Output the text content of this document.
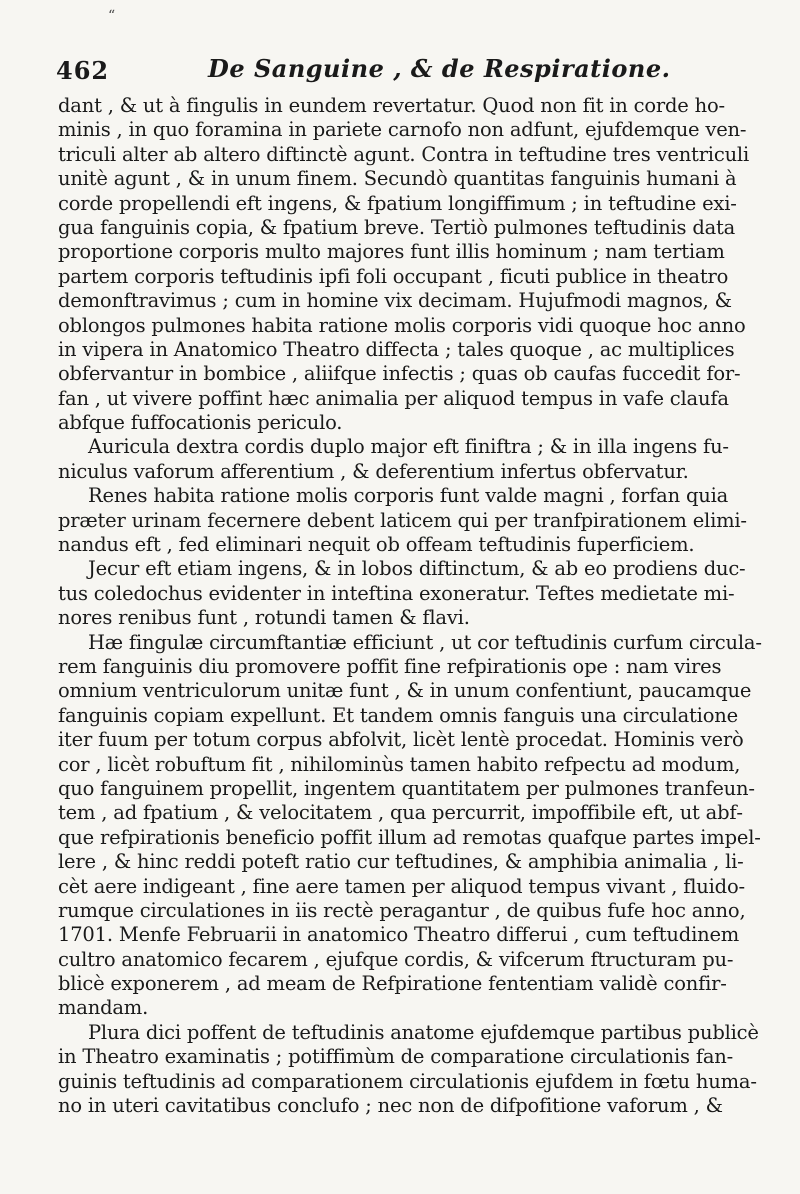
“
462	De Sanguine , & de Respiratione.
dant , & ut à fingulis in eundem revertatur. Quod non fit in corde ho‐
minis , in quo foramina in pariete carnofo non adfunt, ejufdemque ven‐
triculi alter ab altero diftinctè agunt. Contra in teftudine tres ventriculi
unitè agunt , & in unum finem. Secundò quantitas fanguinis humani à
corde propellendi eft ingens, & fpatium longiffimum ; in teftudine exi‐
gua fanguinis copia, & fpatium breve. Tertiò pulmones teftudinis data
proportione corporis multo majores funt illis hominum ; nam tertiam
partem corporis teftudinis ipfi foli occupant , ficuti publice in theatro
demonftravimus ; cum in homine vix decimam. Hujufmodi magnos, &
oblongos pulmones habita ratione molis corporis vidi quoque hoc anno
in vipera in Anatomico Theatro diffecta ; tales quoque , ac multiplices
obfervantur in bombice , aliifque infectis ; quas ob caufas fuccedit for‐
fan , ut vivere poffint hæc animalia per aliquod tempus in vafe claufa
abfque fuffocationis periculo.
Auricula dextra cordis duplo major eft finiftra ; & in illa ingens fu‐
niculus vaforum afferentium , & deferentium infertus obfervatur.
Renes habita ratione molis corporis funt valde magni , forfan quia
præter urinam fecernere debent laticem qui per tranfpirationem elimi‐
nandus eft , fed eliminari nequit ob offeam teftudinis fuperficiem.
Jecur eft etiam ingens, & in lobos diftinctum, & ab eo prodiens duc‐
tus coledochus evidenter in inteftina exoneratur. Teftes medietate mi‐
nores renibus funt , rotundi tamen & flavi.
Hæ fingulæ circumftantiæ efficiunt , ut cor teftudinis curfum circula‐
rem fanguinis diu promovere poffit fine refpirationis ope : nam vires
omnium ventriculorum unitæ funt , & in unum confentiunt, paucamque
fanguinis copiam expellunt. Et tandem omnis fanguis una circulatione
iter fuum per totum corpus abfolvit, licèt lentè procedat. Hominis verò
cor , licèt robuftum fit , nihilominùs tamen habito refpectu ad modum,
quo fanguinem propellit, ingentem quantitatem per pulmones tranfeun‐
tem , ad fpatium , & velocitatem , qua percurrit, impoffibile eft, ut abf‐
que refpirationis beneficio poffit illum ad remotas quafque partes impel‐
lere , & hinc reddi poteft ratio cur teftudines, & amphibia animalia , li‐
cèt aere indigeant , fine aere tamen per aliquod tempus vivant , fluido‐
rumque circulationes in iis rectè peragantur , de quibus fufe hoc anno,
1701. Menfe Februarii in anatomico Theatro differui , cum teftudinem
cultro anatomico fecarem , ejufque cordis, & vifcerum ftructuram pu‐
blicè exponerem , ad meam de Refpiratione fententiam validè confir‐
mandam.
Plura dici poffent de teftudinis anatome ejufdemque partibus publicè
in Theatro examinatis ; potiffimùm de comparatione circulationis fan‐
guinis teftudinis ad comparationem circulationis ejufdem in fœtu huma‐
no in uteri cavitatibus conclufo ; nec non de difpofitione vaforum , &
